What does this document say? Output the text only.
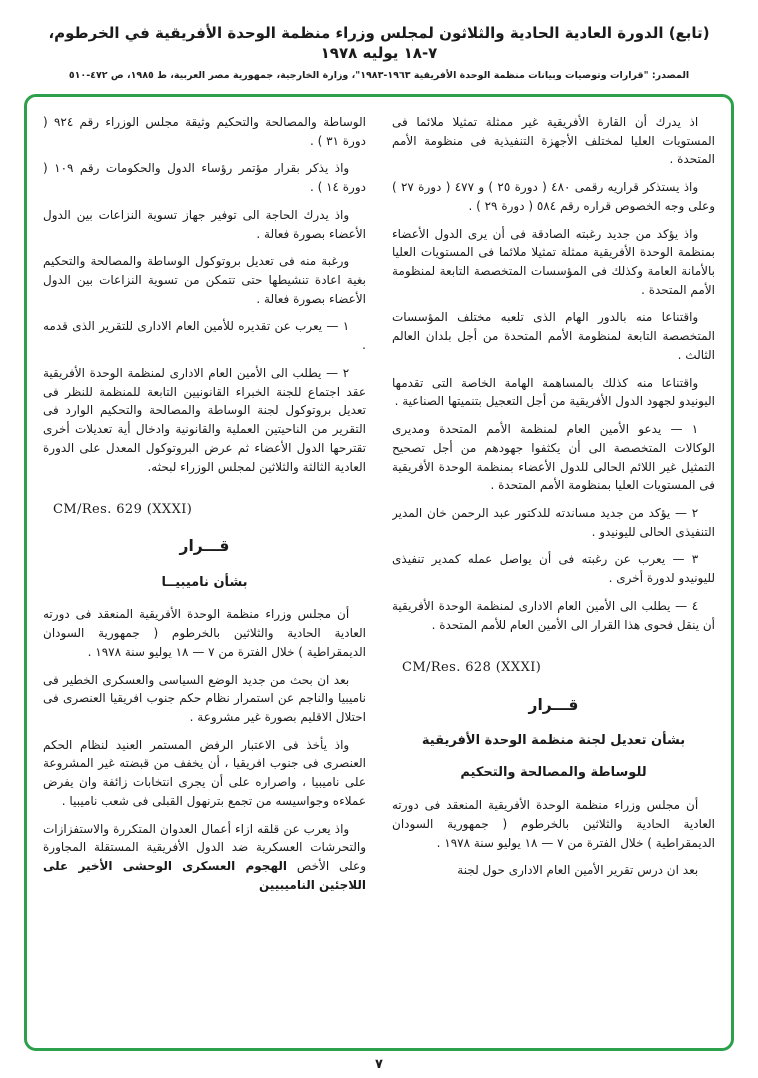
(تابع) الدورة العادية الحادية والثلاثون لمجلس وزراء منظمة الوحدة الأفريقية في الخرطوم، ٧-١٨ يوليه ١٩٧٨
المصدر: "قرارات وتوصيات وبيانات منظمة الوحدة الأفريقية ١٩٦٣-١٩٨٣"، وزارة الخارجية، جمهورية مصر العربية، ط ١٩٨٥، ص ٤٧٢-٥١٠

اذ يدرك أن القارة الأفريقية غير ممثلة تمثيلا ملائما فى المستويات العليا لمختلف الأجهزة التنفيذية فى منظومة الأمم المتحدة .

واذ يستذكر قراريه رقمى ٤٨٠ ( دورة ٢٥ ) و ٤٧٧ ( دورة ٢٧ ) وعلى وجه الخصوص قراره رقم ٥٨٤ ( دورة ٢٩ ) .

واذ يؤكد من جديد رغبته الصادقة فى أن يرى الدول الأعضاء بمنظمة الوحدة الأفريقية ممثلة تمثيلا ملائما فى المستويات العليا بالأمانة العامة وكذلك فى المؤسسات المتخصصة التابعة لمنظومة الأمم المتحدة .

واقتناعا منه بالدور الهام الذى تلعبه مختلف المؤسسات المتخصصة التابعة لمنظومة الأمم المتحدة من أجل بلدان العالم الثالث .

واقتناعا منه كذلك بالمساهمة الهامة الخاصة التى تقدمها اليونيدو لجهود الدول الأفريقية من أجل التعجيل بتنميتها الصناعية .

١ — يدعو الأمين العام لمنظمة الأمم المتحدة ومديرى الوكالات المتخصصة الى أن يكثفوا جهودهم من أجل تصحيح التمثيل غير اللائم الحالى للدول الأعضاء بمنظمة الوحدة الأفريقية فى المستويات العليا بمنظومة الأمم المتحدة .

٢ — يؤكد من جديد مساندته للدكتور عبد الرحمن خان المدير التنفيذى الحالى لليونيدو .

٣ — يعرب عن رغبته فى أن يواصل عمله كمدير تنفيذى لليونيدو لدورة أخرى .

٤ — يطلب الى الأمين العام الادارى لمنظمة الوحدة الأفريقية أن ينقل فحوى هذا القرار الى الأمين العام للأمم المتحدة .

CM/Res. 628 (XXXI)

قـــرار

بشأن تعديل لجنة منظمة الوحدة الأفريقية

للوساطة والمصالحة والتحكيم

أن مجلس وزراء منظمة الوحدة الأفريقية المنعقد فى دورته العادية الحادية والثلاثين بالخرطوم ( جمهورية السودان الديمقراطية ) خلال الفترة من ٧ — ١٨ يوليو سنة ١٩٧٨ .

بعد ان درس تقرير الأمين العام الادارى حول لجنة

الوساطة والمصالحة والتحكيم وثيقة مجلس الوزراء رقم ٩٢٤ ( دورة ٣١ ) .

واذ يذكر بقرار مؤتمر رؤساء الدول والحكومات رقم ١٠٩ ( دورة ١٤ ) .

واذ يدرك الحاجة الى توفير جهاز تسوية النزاعات بين الدول الأعضاء بصورة فعالة .

ورغبة منه فى تعديل بروتوكول الوساطة والمصالحة والتحكيم بغية اعادة تنشيطها حتى تتمكن من تسوية النزاعات بين الدول الأعضاء بصورة فعالة .

١ — يعرب عن تقديره للأمين العام الادارى للتقرير الذى قدمه .

٢ — يطلب الى الأمين العام الادارى لمنظمة الوحدة الأفريقية عقد اجتماع للجنة الخبراء القانونيين التابعة للمنظمة للنظر فى تعديل بروتوكول لجنة الوساطة والمصالحة والتحكيم الوارد فى التقرير من الناحيتين العملية والقانونية وادخال أية تعديلات أخرى تقترحها الدول الأعضاء ثم عرض البروتوكول المعدل على الدورة العادية الثالثة والثلاثين لمجلس الوزراء لبحثه.

CM/Res. 629 (XXXI)

قـــرار

بشأن ناميبيــا

أن مجلس وزراء منظمة الوحدة الأفريقية المنعقد فى دورته العادية الحادية والثلاثين بالخرطوم ( جمهورية السودان الديمقراطية ) خلال الفترة من ٧ — ١٨ يوليو سنة ١٩٧٨ .

بعد ان بحث من جديد الوضع السياسى والعسكرى الخطير فى ناميبيا والناجم عن استمرار نظام حكم جنوب افريقيا العنصرى فى احتلال الاقليم بصورة غير مشروعة .

واذ يأخذ فى الاعتبار الرفض المستمر العنيد لنظام الحكم العنصرى فى جنوب افريقيا ، أن يخفف من قبضته غير المشروعة على ناميبيا ، واصراره على أن يجرى انتخابات زائفة وان يفرض عملاءه وجواسيسه من تجمع بترنهول القبلى فى شعب ناميبيا .

واذ يعرب عن قلقه ازاء أعمال العدوان المتكررة والاستفزازات والتحرشات العسكرية ضد الدول الأفريقية المستقلة المجاورة وعلى الأخص الهجوم العسكرى الوحشى الأخير على اللاجئين الناميبيين

٧
